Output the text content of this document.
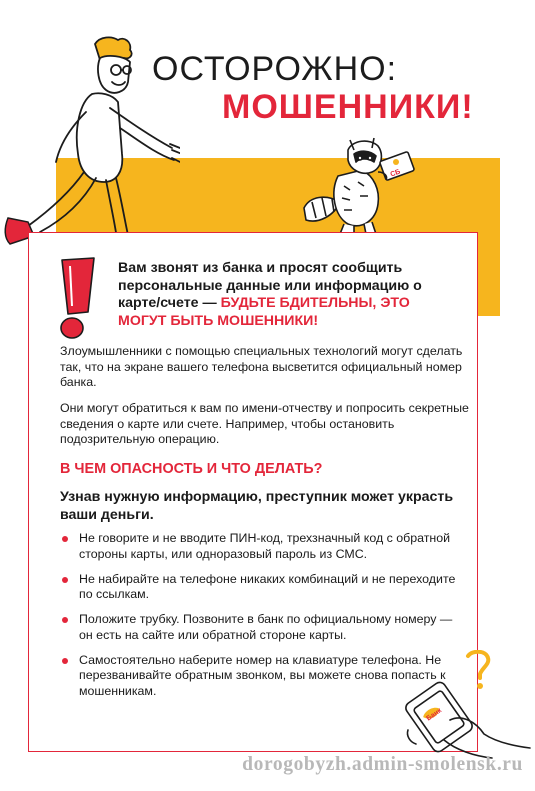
ОСТОРОЖНО:
МОШЕННИКИ!
СБ
Вам звонят из банка и просят сообщить персональные данные или информацию о карте/счете — БУДЬТЕ БДИТЕЛЬНЫ, ЭТО МОГУТ БЫТЬ МОШЕННИКИ!
Злоумышленники с помощью специальных технологий могут сделать так, что на экране вашего телефона высветится официальный номер банка.
Они могут обратиться к вам по имени-отчеству и попросить секретные сведения о карте или счете. Например, чтобы остановить подозрительную операцию.
В ЧЕМ ОПАСНОСТЬ И ЧТО ДЕЛАТЬ?
Узнав нужную информацию, преступник может украсть ваши деньги.
Не говорите и не вводите ПИН-код, трехзначный код с обратной стороны карты, или одноразовый пароль из СМС.
Не набирайте на телефоне никаких комбинаций и не переходите по ссылкам.
Положите трубку. Позвоните в банк по официальному номеру — он есть на сайте или обратной стороне карты.
Самостоятельно наберите номер на клавиатуре телефона. Не перезванивайте обратным звонком, вы можете снова попасть к мошенникам.
Банк
dorogobyzh.admin-smolensk.ru
